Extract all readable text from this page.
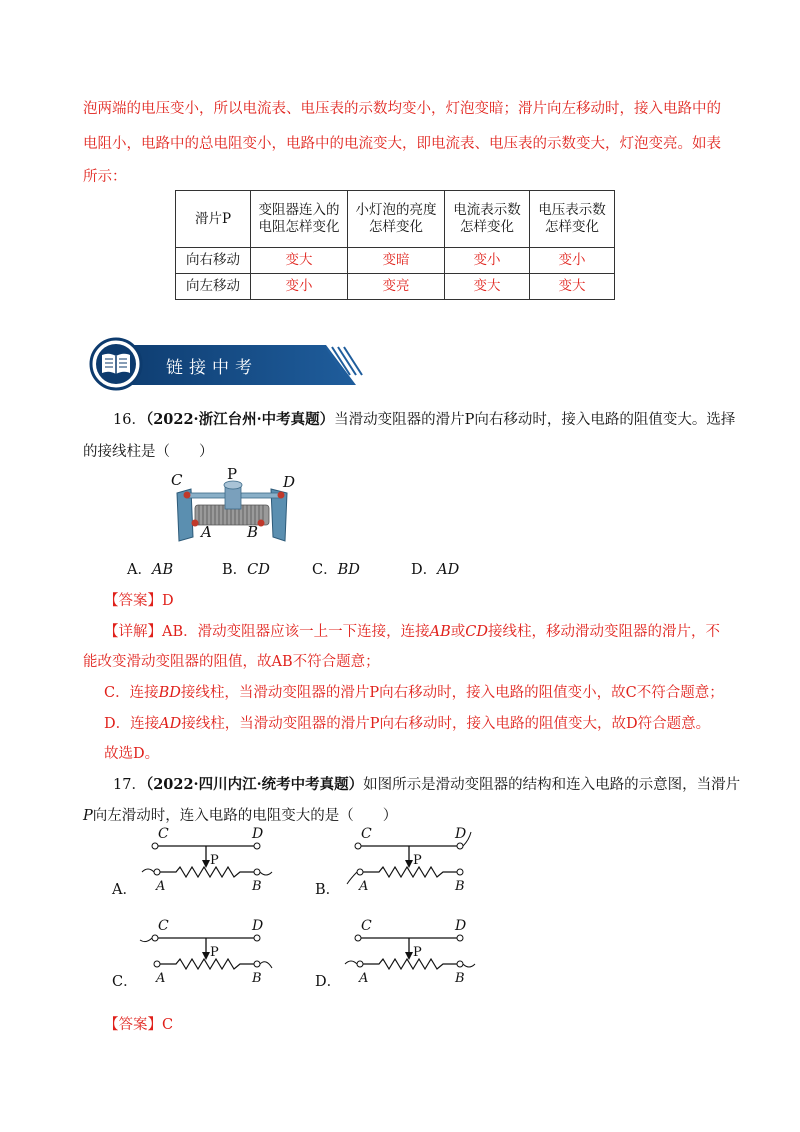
泡两端的电压变小，所以电流表、电压表的示数均变小，灯泡变暗；滑片向左移动时，接入电路中的
电阻小，电路中的总电阻变小，电路中的电流变大，即电流表、电压表的示数变大，灯泡变亮。如表
所示：
滑片P	变阻器连入的电阻怎样变化	小灯泡的亮度怎样变化	电流表示数怎样变化	电压表示数怎样变化
向右移动	变大	变暗	变小	变小
向左移动	变小	变亮	变大	变大
链接中考
16．（2022·浙江台州·中考真题）当滑动变阻器的滑片P向右移动时，接入电路的阻值变大。选择
的接线柱是（　　）
C	P	D
A B
A．AB	B．CD	C．BD	D．AD
【答案】D
【详解】AB．滑动变阻器应该一上一下连接，连接AB或CD接线柱，移动滑动变阻器的滑片，不
能改变滑动变阻器的阻值，故AB不符合题意；
C．连接BD接线柱，当滑动变阻器的滑片P向右移动时，接入电路的阻值变小，故C不符合题意；
D．连接AD接线柱，当滑动变阻器的滑片P向右移动时，接入电路的阻值变大，故D符合题意。
故选D。
17．（2022·四川内江·统考中考真题）如图所示是滑动变阻器的结构和连入电路的示意图，当滑片
P向左滑动时，连入电路的电阻变大的是（　　）
A．
C	D
P
A	B	B．
C	D
P
A	B
C．
C	D
P
A	B	D．
C	D
P
A	B
【答案】C
